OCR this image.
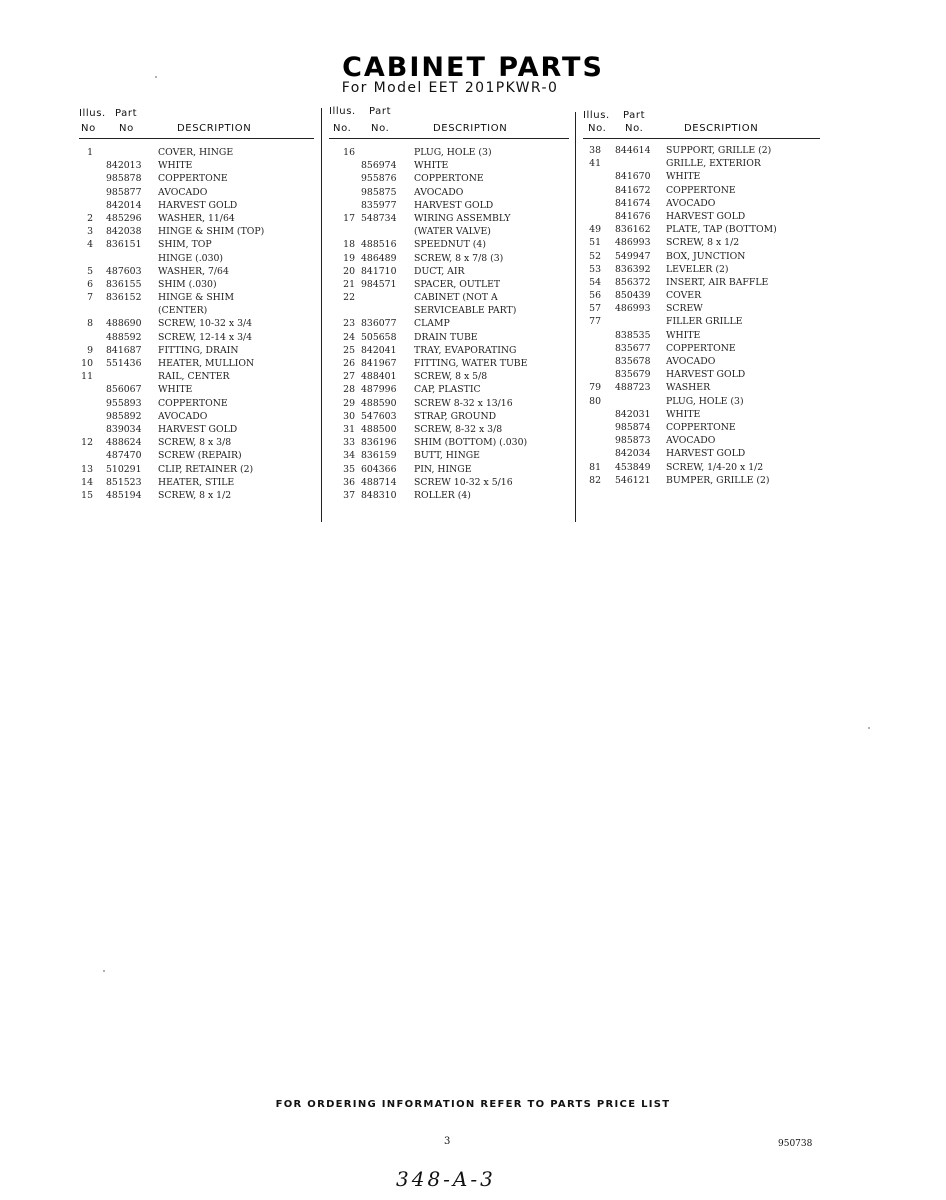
CABINET PARTS
For Model EET 201PKWR-0
Illus. Part
No No	DESCRIPTION
1	COVER, HINGE
842013 WHITE
985878 COPPERTONE
985877 AVOCADO
842014 HARVEST GOLD
2 485296 WASHER, 11/64
3 842038 HINGE & SHIM (TOP)
4 836151 SHIM, TOP
HINGE (.030)
5 487603 WASHER, 7/64
6 836155 SHIM (.030)
7 836152 HINGE & SHIM
(CENTER)
8 488690 SCREW, 10-32 x 3/4
488592 SCREW, 12-14 x 3/4
9 841687 FITTING, DRAIN
10 551436 HEATER, MULLION
11	RAIL, CENTER
856067 WHITE
955893 COPPERTONE
985892 AVOCADO
839034 HARVEST GOLD
12 488624 SCREW, 8 x 3/8
487470 SCREW (REPAIR)
13 510291 CLIP, RETAINER (2)
14 851523 HEATER, STILE
15 485194 SCREW, 8 x 1/2
Illus. Part
No. No.	DESCRIPTION
16	PLUG, HOLE (3)
856974 WHITE
955876 COPPERTONE
985875 AVOCADO
835977 HARVEST GOLD
17 548734 WIRING ASSEMBLY
(WATER VALVE)
18 488516 SPEEDNUT (4)
19 486489 SCREW, 8 x 7/8 (3)
20 841710 DUCT, AIR
21 984571 SPACER, OUTLET
22	CABINET (NOT A
SERVICEABLE PART)
23 836077 CLAMP
24 505658 DRAIN TUBE
25 842041 TRAY, EVAPORATING
26 841967 FITTING, WATER TUBE
27 488401 SCREW, 8 x 5/8
28 487996 CAP, PLASTIC
29 488590 SCREW 8-32 x 13/16
30 547603 STRAP, GROUND
31 488500 SCREW, 8-32 x 3/8
33 836196 SHIM (BOTTOM) (.030)
34 836159 BUTT, HINGE
35 604366 PIN, HINGE
36 488714 SCREW 10-32 x 5/16
37 848310 ROLLER (4)
Illus. Part
No. No.	DESCRIPTION
38 844614 SUPPORT, GRILLE (2)
41	GRILLE, EXTERIOR
841670 WHITE
841672 COPPERTONE
841674 AVOCADO
841676 HARVEST GOLD
49 836162 PLATE, TAP (BOTTOM)
51 486993 SCREW, 8 x 1/2
52 549947 BOX, JUNCTION
53 836392 LEVELER (2)
54 856372 INSERT, AIR BAFFLE
56 850439 COVER
57 486993 SCREW
77	FILLER GRILLE
838535 WHITE
835677 COPPERTONE
835678 AVOCADO
835679 HARVEST GOLD
79 488723 WASHER
80	PLUG, HOLE (3)
842031 WHITE
985874 COPPERTONE
985873 AVOCADO
842034 HARVEST GOLD
81 453849 SCREW, 1/4-20 x 1/2
82 546121 BUMPER, GRILLE (2)
FOR ORDERING INFORMATION REFER TO PARTS PRICE LIST
3	950738
348-A-3
